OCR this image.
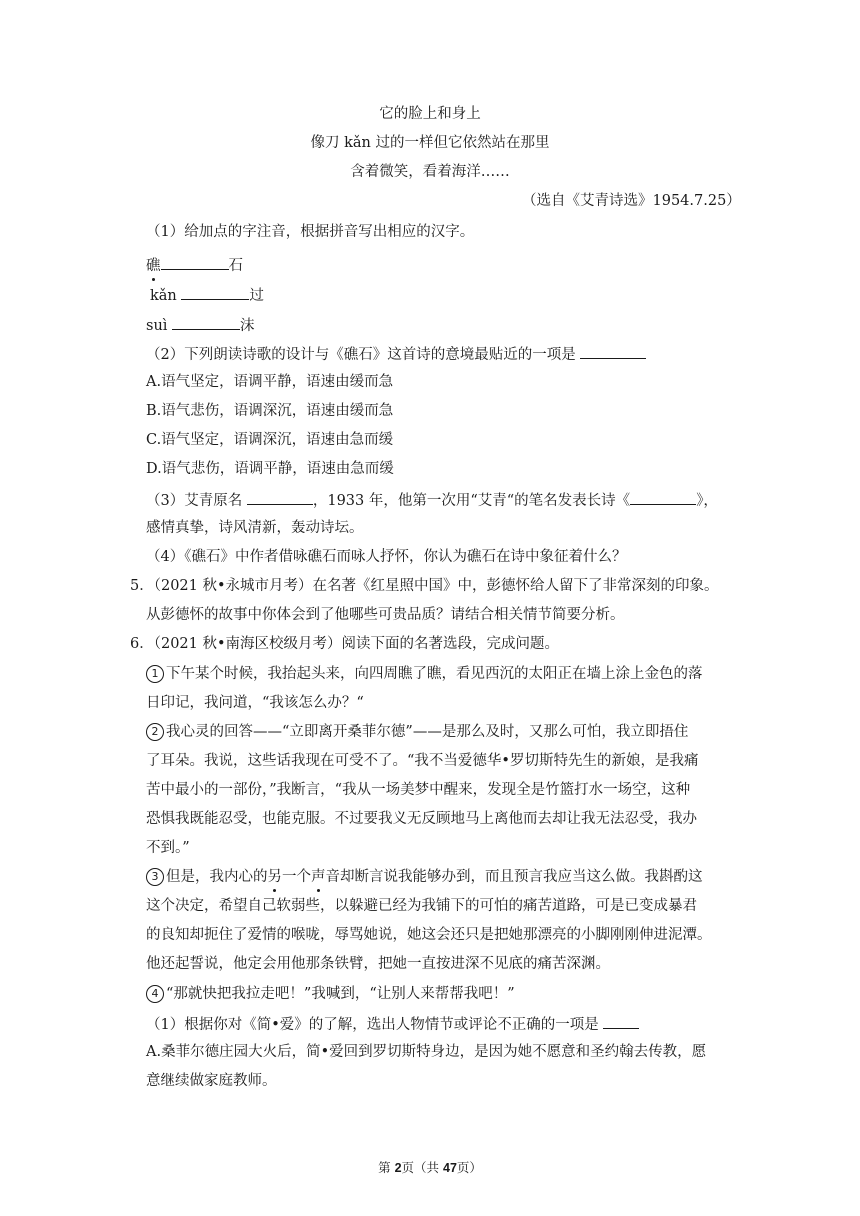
它的脸上和身上
像刀 kǎn 过的一样但它依然站在那里
含着微笑，看着海洋……
（选自《艾青诗选》1954.7.25）
（1）给加点的字注音，根据拼音写出相应的汉字。
礁	石
kǎn	过
suì	沫
（2）下列朗读诗歌的设计与《礁石》这首诗的意境最贴近的一项是
A.语气坚定，语调平静，语速由缓而急
B.语气悲伤，语调深沉，语速由缓而急
C.语气坚定，语调深沉，语速由急而缓
D.语气悲伤，语调平静，语速由急而缓
（3）艾青原名	，1933 年，他第一次用“艾青“的笔名发表长诗《	》，
感情真挚，诗风清新，轰动诗坛。
（4）《礁石》中作者借咏礁石而咏人抒怀，你认为礁石在诗中象征着什么？
5．（2021 秋•永城市月考）在名著《红星照中国》中，彭德怀给人留下了非常深刻的印象。
从彭德怀的故事中你体会到了他哪些可贵品质？请结合相关情节简要分析。
6．（2021 秋•南海区校级月考）阅读下面的名著选段，完成问题。
1 下午某个时候，我抬起头来，向四周瞧了瞧，看见西沉的太阳正在墙上涂上金色的落
日印记，我问道，“我该怎么办？“
2 我心灵的回答——“立即离开桑菲尔德”——是那么及时，又那么可怕，我立即捂住
了耳朵。我说，这些话我现在可受不了。“我不当爱德华•罗切斯特先生的新娘，是我痛
苦中最小的一部份，”我断言，“我从一场美梦中醒来，发现全是竹篮打水一场空，这种
恐惧我既能忍受，也能克服。不过要我义无反顾地马上离他而去却让我无法忍受，我办
不到。”
3 但是，我内心的另一个声音却断言说我能够办到，而且预言我应当这么做。我斟酌这
这个决定，希望自己软弱些，以躲避已经为我铺下的可怕的痛苦道路，可是已变成暴君
的良知却扼住了爱情的喉咙，辱骂她说，她这会还只是把她那漂亮的小脚刚刚伸进泥潭。
他还起誓说，他定会用他那条铁臂，把她一直按进深不见底的痛苦深渊。
4 “那就快把我拉走吧！”我喊到，“让别人来帮帮我吧！”
（1）根据你对《简•爱》的了解，选出人物情节或评论不正确的一项是
A.桑菲尔德庄园大火后，简•爱回到罗切斯特身边，是因为她不愿意和圣约翰去传教，愿
意继续做家庭教师。
第 2页（共 47页）
